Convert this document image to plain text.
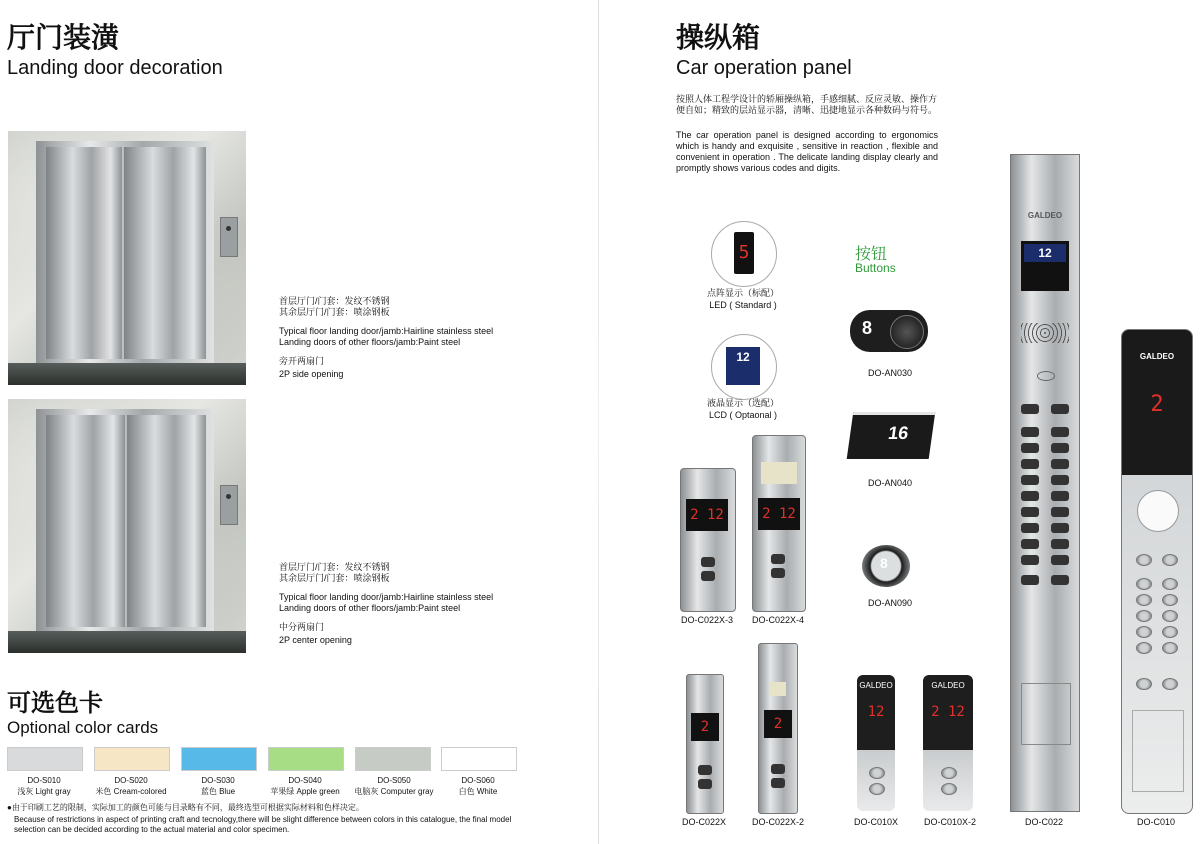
厅门装潢
Landing door decoration
首层厅门/门套：发纹不锈钢
其余层厅门/门套：喷涂钢板
Typical floor landing door/jamb:Hairline stainless steel
Landing doors of other floors/jamb:Paint steel
旁开两扇门
2P side opening
首层厅门/门套：发纹不锈钢
其余层厅门/门套：喷涂钢板
Typical floor landing door/jamb:Hairline stainless steel
Landing doors of other floors/jamb:Paint steel
中分两扇门
2P center opening
可选色卡
Optional color cards
DO-S010
浅灰 Light gray
DO-S020
米色 Cream-colored
DO-S030
蓝色 Blue
DO-S040
苹果绿 Apple green
DO-S050
电脑灰 Computer gray
DO-S060
白色 White
●由于印刷工艺的限制，实际加工的颜色可能与目录略有不同，最终选型可根据实际材料和色样决定。
Because of restrictions in aspect of printing craft and tecnology,there will be slight difference between colors in this catalogue, the final model selection can be decided according to the actual material and color specimen.
操纵箱
Car operation panel
按照人体工程学设计的轿厢操纵箱，手感细腻、反应灵敏、操作方便自如；精致的层站显示器，清晰、迅捷地显示各种数码与符号。
The car operation panel is designed according to ergonomics which is handy and exquisite , sensitive in reaction , flexible and convenient in operation . The delicate landing display clearly and promptly shows various codes and digits.
5
点阵显示（标配）
LED ( Standard )
12
液晶显示（选配）
LCD ( Optaonal )
按钮
Buttons
8
DO-AN030
16
DO-AN040
8
DO-AN090
2 12
DO-C022X-3
2 12
DO-C022X-4
2
DO-C022X
2
DO-C022X-2
GALDEO
12
DO-C010X
GALDEO
2 12
DO-C010X-2
GALDEO
12
DO-C022
GALDEO
2
DO-C010
